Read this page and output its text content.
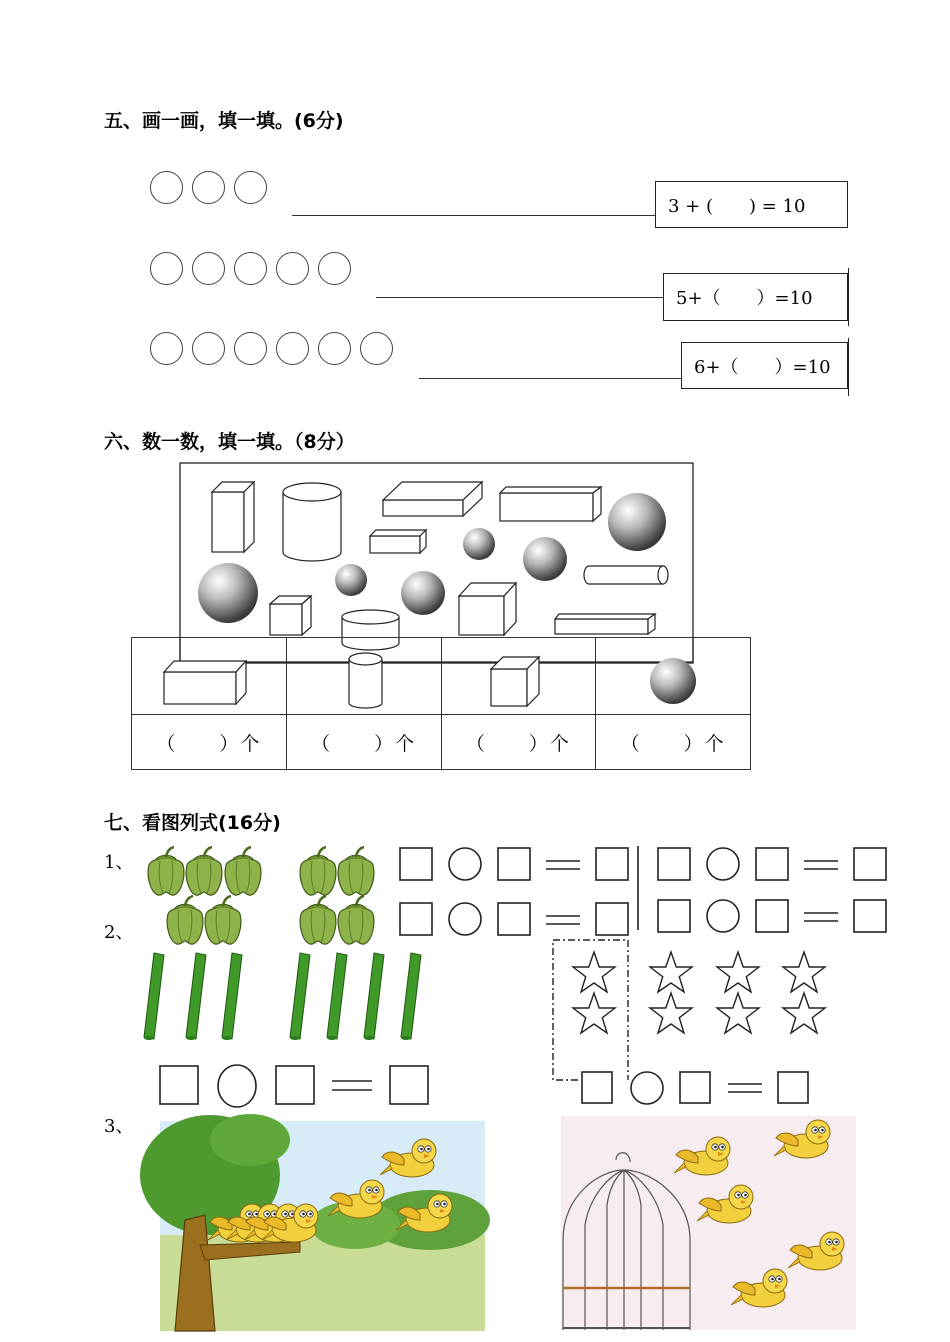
五、画一画，填一填。(6分)
3 + (　　) = 10
5+（　　）=10
6+（　　）=10
六、数一数，填一填。（8分）

（　　）个	（　　）个	（　　）个	（　　）个
七、看图列式(16分)
1、
2、
3、
